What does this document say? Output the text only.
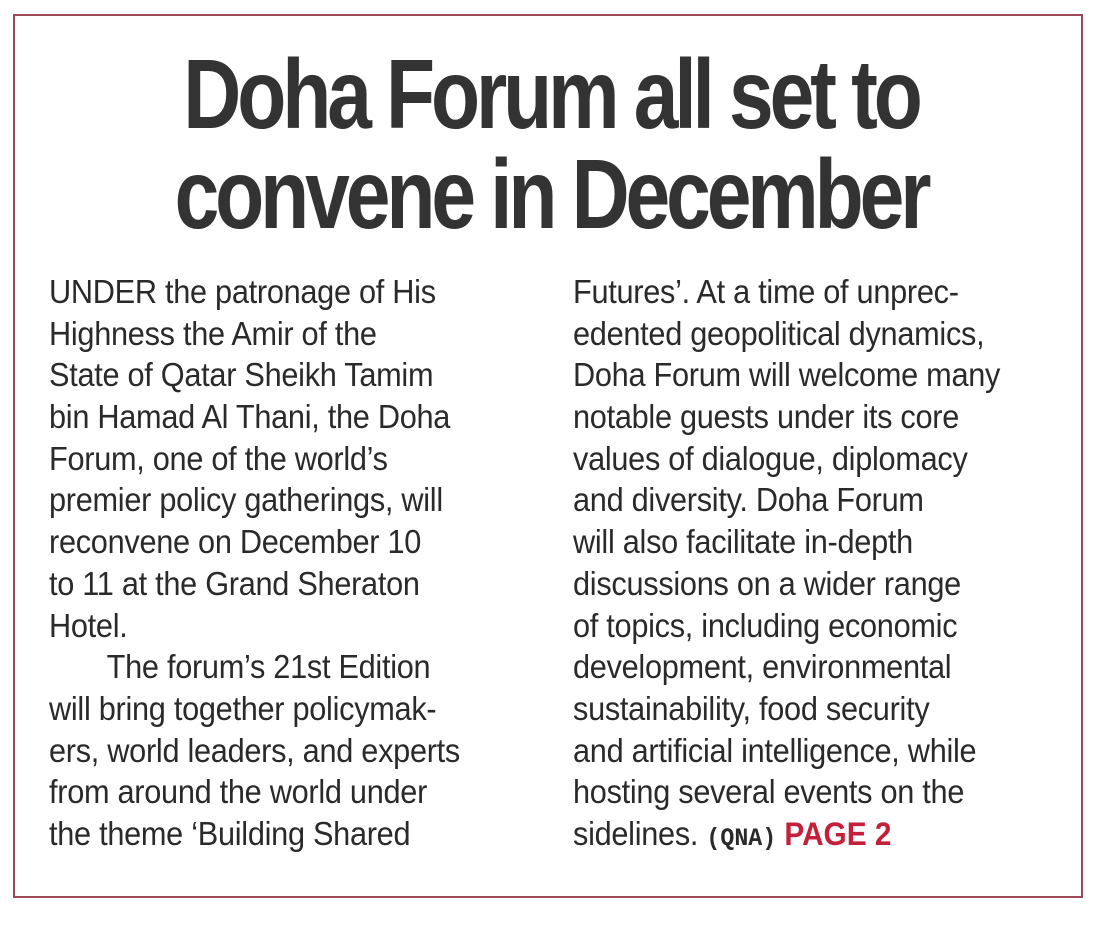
Doha Forum all set to
convene in December
UNDER the patronage of His
Highness the Amir of the
State of Qatar Sheikh Tamim
bin Hamad Al Thani, the Doha
Forum, one of the world’s
premier policy gatherings, will
reconvene on December 10
to 11 at the Grand Sheraton
Hotel.
The forum’s 21st Edition
will bring together policymak-
ers, world leaders, and experts
from around the world under
the theme ‘Building Shared
Futures’. At a time of unprec-
edented geopolitical dynamics,
Doha Forum will welcome many
notable guests under its core
values of dialogue, diplomacy
and diversity. Doha Forum
will also facilitate in-depth
discussions on a wider range
of topics, including economic
development, environmental
sustainability, food security
and artificial intelligence, while
hosting several events on the
sidelines. (QNA) PAGE 2
